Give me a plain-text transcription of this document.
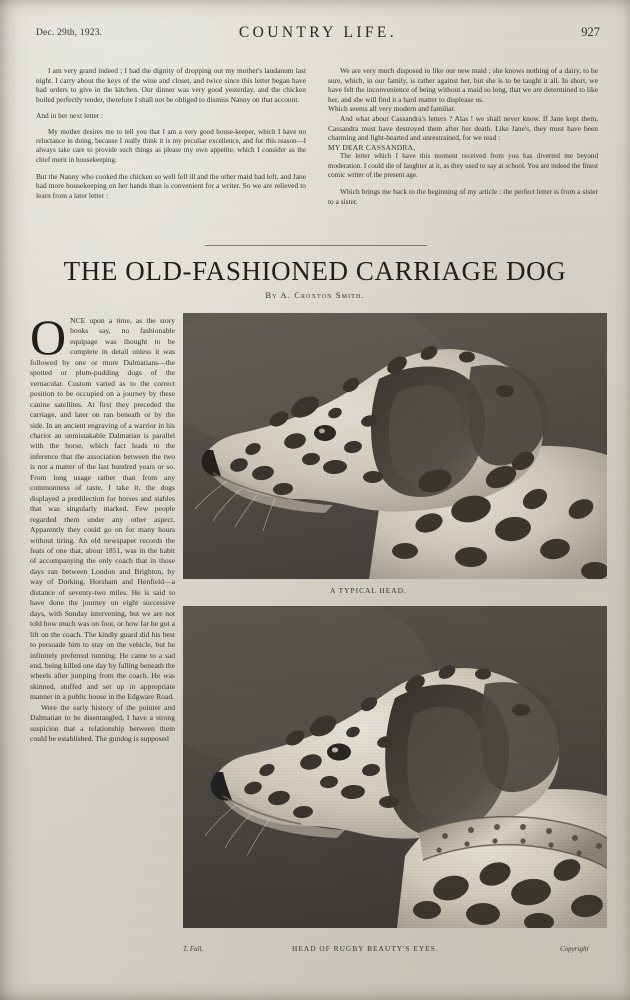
Dec. 29th, 1923.	COUNTRY LIFE.	927

I am very grand indeed ; I had the dignity of dropping out my mother's laudanum last night. I carry about the keys of the wine and closet, and twice since this letter began have had orders to give in the kitchen. Our dinner was very good yesterday, and the chicken boiled perfectly tender, therefore I shall not be obliged to dismiss Nanny on that account.

And in her next letter :

My mother desires me to tell you that I am a very good house-keeper, which I have no reluctance in doing, because I really think it is my peculiar excellence, and for this reason—I always take care to provide such things as please my own appetite, which I consider as the chief merit in housekeeping.

But the Nanny who cooked the chicken so well fell ill and the other maid had left, and Jane had more housekeeping on her hands than is convenient for a writer. So we are relieved to learn from a later letter :

We are very much disposed to like our new maid ; she knows nothing of a dairy, to be sure, which, in our family, is rather against her, but she is to be taught it all. In short, we have felt the inconvenience of being without a maid so long, that we are determined to like her, and she will find it a hard matter to displease us.

Which seems all very modern and familiar.

And what about Cassandra's letters ? Alas ! we shall never know. If Jane kept them, Cassandra must have destroyed them after her death. Like Jane's, they must have been charming and light-hearted and unrestrained, for we read :

MY DEAR CASSANDRA,

The letter which I have this moment received from you has diverted me beyond moderation. I could die of laughter at it, as they used to say at school. You are indeed the finest comic writer of the present age.

Which brings me back to the beginning of my article : the perfect letter is from a sister to a sister.

THE OLD-FASHIONED CARRIAGE DOG
By A. Croxton Smith.
O NCE upon a time, as the story books say, no fashionable equipage was thought to be complete in detail unless it was followed by one or more Dalmatians—the spotted or plum-pudding dogs of the vernacular. Custom varied as to the correct position to be occupied on a journey by these canine satellites. At first they preceded the carriage, and later on ran beneath or by the side. In an ancient engraving of a warrior in his chariot an unmistakable Dalmatian is parallel with the horse, which fact leads to the inference that the association between the two is not a matter of the last hundred years or so. From long usage rather than from any commonness of taste, I take it, the dogs displayed a predilection for horses and stables that was singularly marked. Few people regarded them under any other aspect. Apparently they could go on for many hours without tiring. An old newspaper records the feats of one that, about 1851, was in the habit of accompanying the only coach that in those days ran between London and Brighton, by way of Dorking, Horsham and Henfield—a distance of seventy-two miles. He is said to have done the journey on eight successive days, with Sunday intervening, but we are not told how much was on foot, or how far he got a lift on the coach. The kindly guard did his best to persuade him to stay on the vehicle, but he infinitely preferred running. He came to a sad end, being killed one day by falling beneath the wheels after jumping from the coach. He was skinned, stuffed and set up in appropriate manner in a public house in the Edgware Road.

Were the early history of the pointer and Dalmatian to be disentangled, I have a strong suspicion that a relationship between them could be established. The gundog is supposed

A TYPICAL HEAD.
T. Fall.	HEAD OF RUGBY BEAUTY'S EYES.	Copyright
